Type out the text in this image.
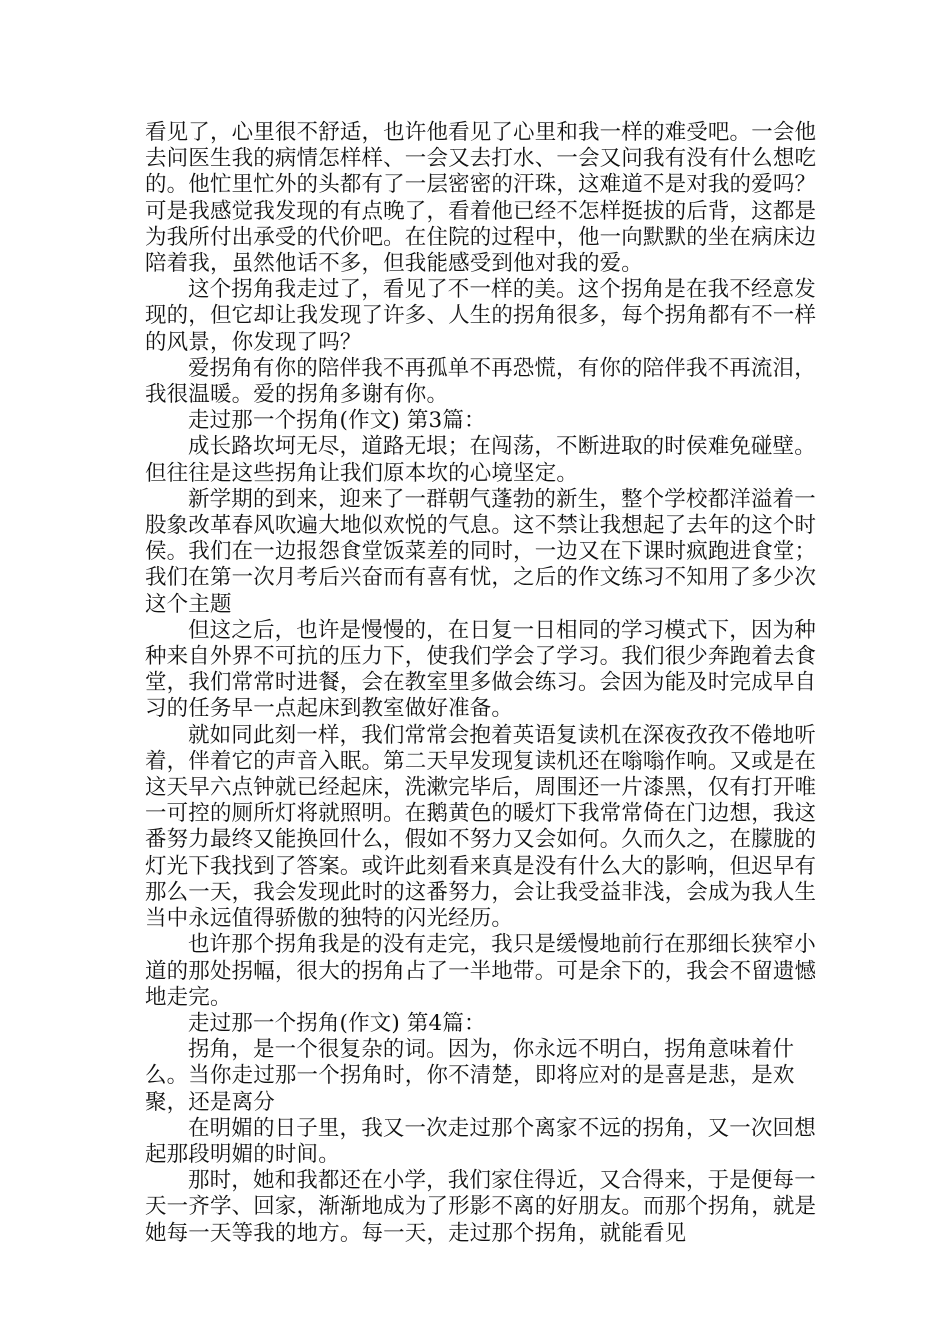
看见了，心里很不舒适，也许他看见了心里和我一样的难受吧。一会他去问医生我的病情怎样样、一会又去打水、一会又问我有没有什么想吃的。他忙里忙外的头都有了一层密密的汗珠，这难道不是对我的爱吗？可是我感觉我发现的有点晚了，看着他已经不怎样挺拔的后背，这都是为我所付出承受的代价吧。在住院的过程中，他一向默默的坐在病床边陪着我，虽然他话不多，但我能感受到他对我的爱。

这个拐角我走过了，看见了不一样的美。这个拐角是在我不经意发现的，但它却让我发现了许多、人生的拐角很多，每个拐角都有不一样的风景，你发现了吗？

爱拐角有你的陪伴我不再孤单不再恐慌，有你的陪伴我不再流泪，我很温暖。爱的拐角多谢有你。

走过那一个拐角(作文) 第3篇：

成长路坎坷无尽，道路无垠；在闯荡，不断进取的时侯难免碰壁。但往往是这些拐角让我们原本坎的心境坚定。

新学期的到来，迎来了一群朝气蓬勃的新生，整个学校都洋溢着一股象改革春风吹遍大地似欢悦的气息。这不禁让我想起了去年的这个时侯。我们在一边报怨食堂饭菜差的同时，一边又在下课时疯跑进食堂；我们在第一次月考后兴奋而有喜有忧，之后的作文练习不知用了多少次这个主题

但这之后，也许是慢慢的，在日复一日相同的学习模式下，因为种种来自外界不可抗的压力下，使我们学会了学习。我们很少奔跑着去食堂，我们常常时进餐，会在教室里多做会练习。会因为能及时完成早自习的任务早一点起床到教室做好准备。

就如同此刻一样，我们常常会抱着英语复读机在深夜孜孜不倦地听着，伴着它的声音入眠。第二天早发现复读机还在嗡嗡作响。又或是在这天早六点钟就已经起床，洗漱完毕后，周围还一片漆黑，仅有打开唯一可控的厕所灯将就照明。在鹅黄色的暖灯下我常常倚在门边想，我这番努力最终又能换回什么，假如不努力又会如何。久而久之，在朦胧的灯光下我找到了答案。或许此刻看来真是没有什么大的影响，但迟早有那么一天，我会发现此时的这番努力，会让我受益非浅，会成为我人生当中永远值得骄傲的独特的闪光经历。

也许那个拐角我是的没有走完，我只是缓慢地前行在那细长狭窄小道的那处拐幅，很大的拐角占了一半地带。可是余下的，我会不留遗憾地走完。

走过那一个拐角(作文) 第4篇：

拐角，是一个很复杂的词。因为，你永远不明白，拐角意味着什么。当你走过那一个拐角时，你不清楚，即将应对的是喜是悲，是欢聚，还是离分

在明媚的日子里，我又一次走过那个离家不远的拐角，又一次回想起那段明媚的时间。

那时，她和我都还在小学，我们家住得近，又合得来，于是便每一天一齐学、回家，渐渐地成为了形影不离的好朋友。而那个拐角，就是她每一天等我的地方。每一天，走过那个拐角，就能看见
